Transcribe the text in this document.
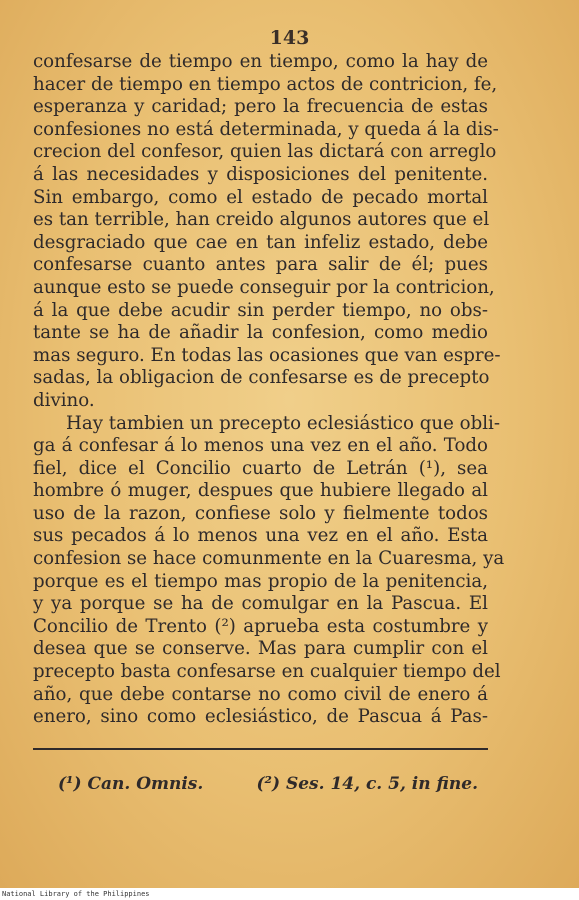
143

confesarse de tiempo en tiempo, como la hay de
hacer de tiempo en tiempo actos de contricion, fe,
esperanza y caridad; pero la frecuencia de estas
confesiones no está determinada, y queda á la dis-
crecion del confesor, quien las dictará con arreglo
á las necesidades y disposiciones del penitente.
Sin embargo, como el estado de pecado mortal
es tan terrible, han creido algunos autores que el
desgraciado que cae en tan infeliz estado, debe
confesarse cuanto antes para salir de él; pues
aunque esto se puede conseguir por la contricion,
á la que debe acudir sin perder tiempo, no obs-
tante se ha de añadir la confesion, como medio
mas seguro. En todas las ocasiones que van espre-
sadas, la obligacion de confesarse es de precepto
divino.

Hay tambien un precepto eclesiástico que obli-
ga á confesar á lo menos una vez en el año. Todo
fiel, dice el Concilio cuarto de Letrán (¹), sea
hombre ó muger, despues que hubiere llegado al
uso de la razon, confiese solo y fielmente todos
sus pecados á lo menos una vez en el año. Esta
confesion se hace comunmente en la Cuaresma, ya
porque es el tiempo mas propio de la penitencia,
y ya porque se ha de comulgar en la Pascua. El
Concilio de Trento (²) aprueba esta costumbre y
desea que se conserve. Mas para cumplir con el
precepto basta confesarse en cualquier tiempo del
año, que debe contarse no como civil de enero á
enero, sino como eclesiástico, de Pascua á Pas-

(¹) Can. Omnis.	(²) Ses. 14, c. 5, in fine.
National Library of the Philippines
